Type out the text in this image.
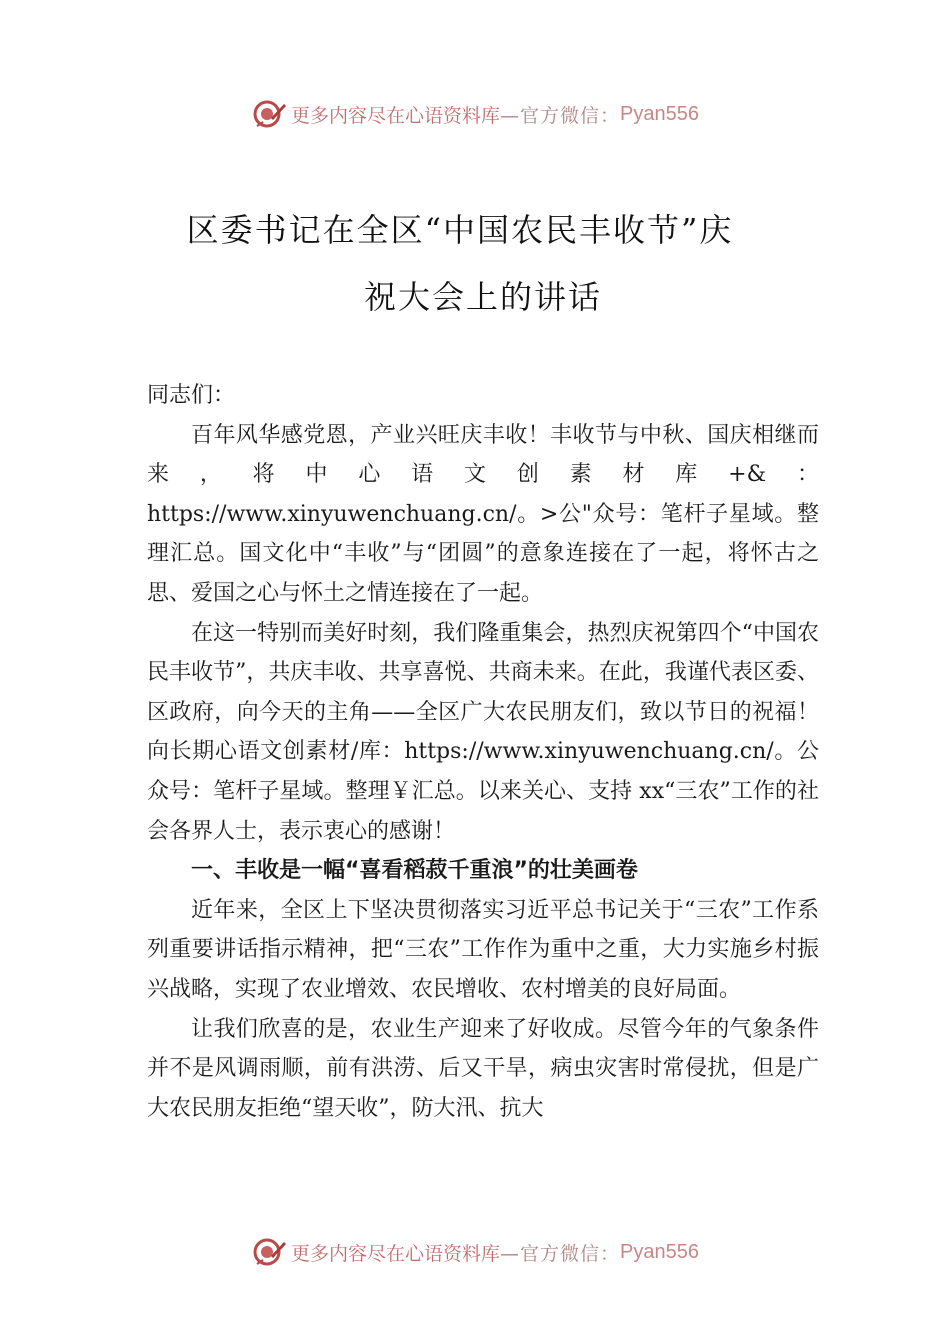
更多内容尽在心语资料库 —官方微信： Pyan556
区委书记在全区“中国农民丰收节”庆
祝大会上的讲话

同志们：

百年风华感党恩，产业兴旺庆丰收！丰收节与中秋、国庆相继而来，将中心语文创素材库+&：https://www.xinyuwenchuang.cn/。>公"众号：笔杆子星域。整理汇总。国文化中“丰收”与“团圆”的意象连接在了一起，将怀古之思、爱国之心与怀土之情连接在了一起。

在这一特别而美好时刻，我们隆重集会，热烈庆祝第四个“中国农民丰收节”，共庆丰收、共享喜悦、共商未来。在此，我谨代表区委、区政府，向今天的主角——全区广大农民朋友们，致以节日的祝福！向长期心语文创素材/库：https://www.xinyuwenchuang.cn/。公众号：笔杆子星域。整理￥汇总。以来关心、支持 xx“三农”工作的社会各界人士，表示衷心的感谢！

一、丰收是一幅“喜看稻菽千重浪”的壮美画卷

近年来，全区上下坚决贯彻落实习近平总书记关于“三农”工作系列重要讲话指示精神，把“三农”工作作为重中之重，大力实施乡村振兴战略，实现了农业增效、农民增收、农村增美的良好局面。

让我们欣喜的是，农业生产迎来了好收成。尽管今年的气象条件并不是风调雨顺，前有洪涝、后又干旱，病虫灾害时常侵扰，但是广大农民朋友拒绝“望天收”，防大汛、抗大

更多内容尽在心语资料库 —官方微信： Pyan556
